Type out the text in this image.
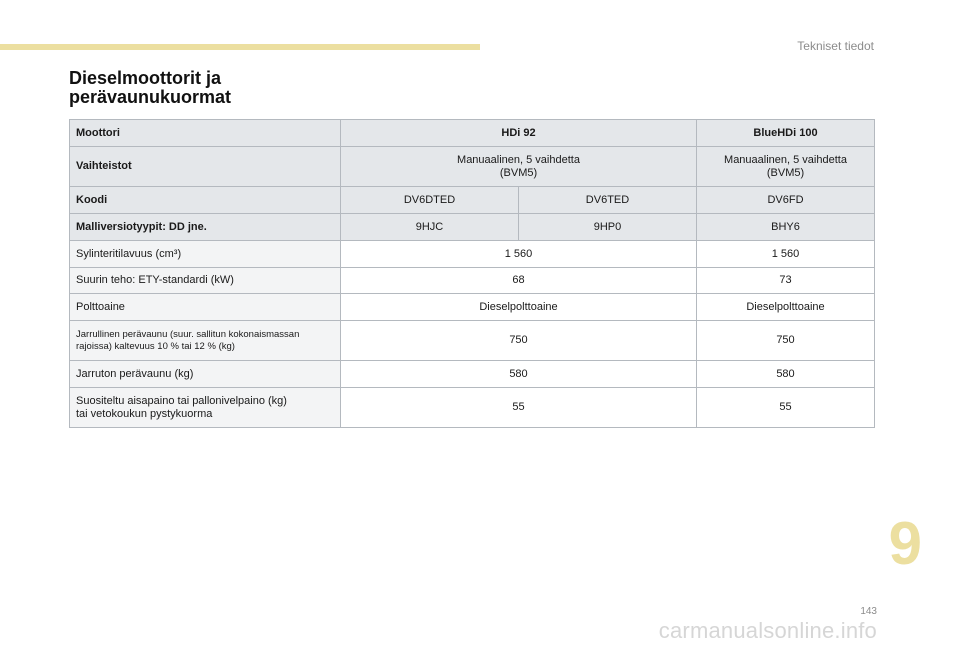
Tekniset tiedot
Dieselmoottorit ja
perävaunukuormat
Moottori	HDi 92		BlueHDi 100
Vaihteistot	Manuaalinen, 5 vaihdetta
(BVM5)		Manuaalinen, 5 vaihdetta
(BVM5)
Koodi	DV6DTED	DV6TED	DV6FD
Malliversiotyypit: DD jne.	9HJC	9HP0	BHY6
Sylinteritilavuus (cm³)	1 560		1 560
Suurin teho: ETY-standardi (kW)	68		73
Polttoaine	Dieselpolttoaine		Dieselpolttoaine
Jarrullinen perävaunu (suur. sallitun kokonaismassan
rajoissa) kaltevuus 10 % tai 12 % (kg)	750		750
Jarruton perävaunu (kg)	580		580
Suositeltu aisapaino tai pallonivelpaino (kg)
tai vetokoukun pystykuorma	55		55
9
143
carmanualsonline.info
